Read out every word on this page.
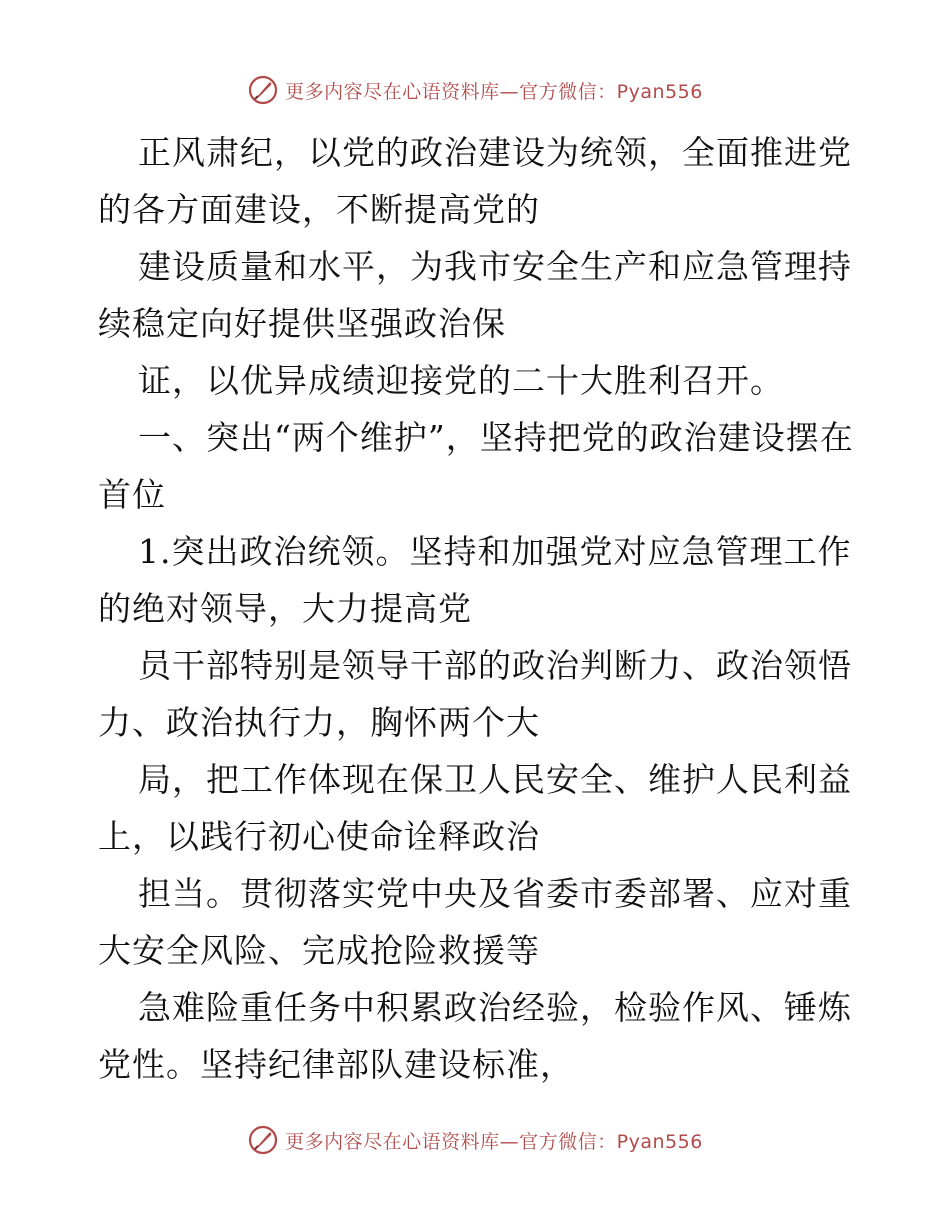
更多内容尽在心语资料库—官方微信：Pyan556

正风肃纪，以党的政治建设为统领，全面推进党的各方面建设，不断提高党的

建设质量和水平，为我市安全生产和应急管理持续稳定向好提供坚强政治保

证，以优异成绩迎接党的二十大胜利召开。

一、突出“两个维护”，坚持把党的政治建设摆在首位

1.突出政治统领。坚持和加强党对应急管理工作的绝对领导，大力提高党

员干部特别是领导干部的政治判断力、政治领悟力、政治执行力，胸怀两个大

局，把工作体现在保卫人民安全、维护人民利益上，以践行初心使命诠释政治

担当。贯彻落实党中央及省委市委部署、应对重大安全风险、完成抢险救援等

急难险重任务中积累政治经验，检验作风、锤炼党性。坚持纪律部队建设标准，

更多内容尽在心语资料库—官方微信：Pyan556
